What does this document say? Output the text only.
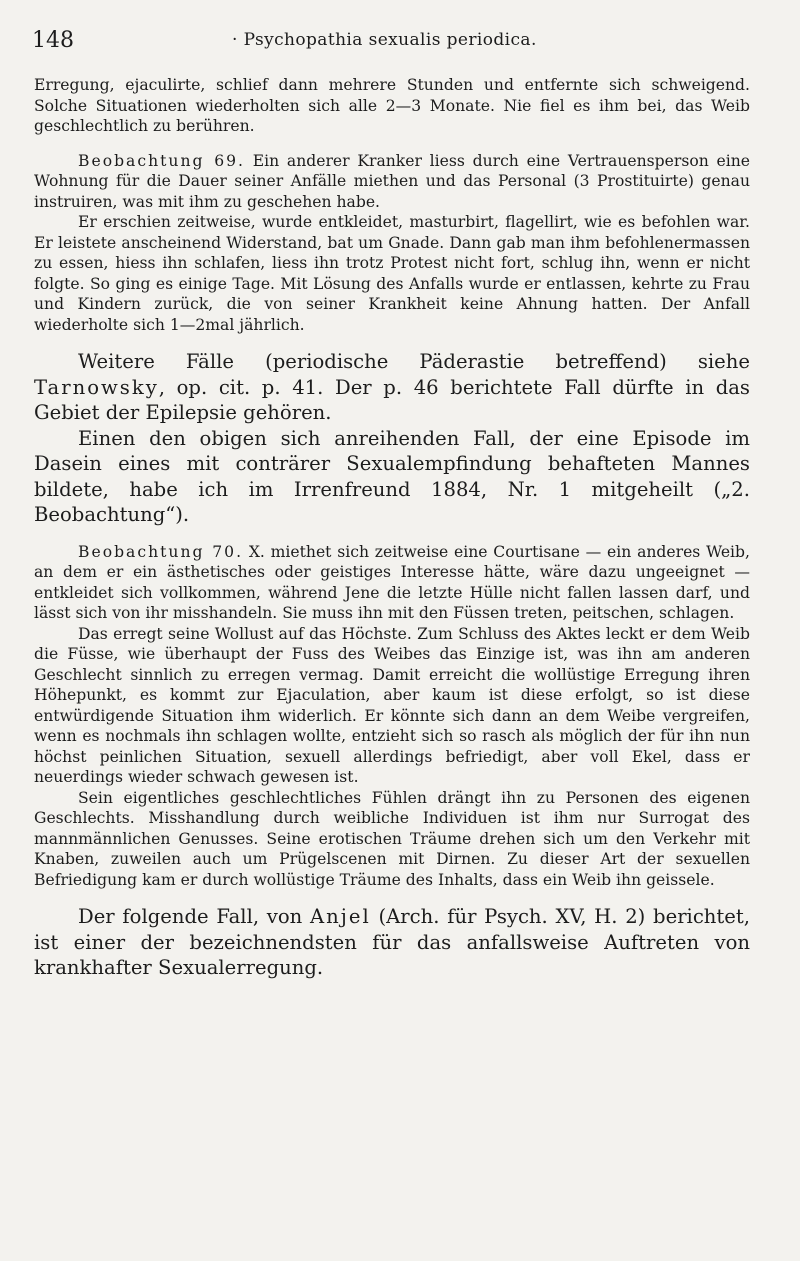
148	· Psychopathia sexualis periodica.

Erregung, ejaculirte, schlief dann mehrere Stunden und entfernte sich schweigend. Solche Situationen wiederholten sich alle 2—3 Monate. Nie fiel es ihm bei, das Weib geschlechtlich zu berühren.

Beobachtung 69. Ein anderer Kranker liess durch eine Vertrauensperson eine Wohnung für die Dauer seiner Anfälle miethen und das Personal (3 Prostituirte) genau instruiren, was mit ihm zu geschehen habe.

Er erschien zeitweise, wurde entkleidet, masturbirt, flagellirt, wie es befohlen war. Er leistete anscheinend Widerstand, bat um Gnade. Dann gab man ihm befohlenermassen zu essen, hiess ihn schlafen, liess ihn trotz Protest nicht fort, schlug ihn, wenn er nicht folgte. So ging es einige Tage. Mit Lösung des Anfalls wurde er entlassen, kehrte zu Frau und Kindern zurück, die von seiner Krankheit keine Ahnung hatten. Der Anfall wiederholte sich 1—2mal jährlich.

Weitere Fälle (periodische Päderastie betreffend) siehe Tarnowsky, op. cit. p. 41. Der p. 46 berichtete Fall dürfte in das Gebiet der Epilepsie gehören.

Einen den obigen sich anreihenden Fall, der eine Episode im Dasein eines mit conträrer Sexualempfindung behafteten Mannes bildete, habe ich im Irrenfreund 1884, Nr. 1 mitgeheilt („2. Beobachtung“).

Beobachtung 70. X. miethet sich zeitweise eine Courtisane — ein anderes Weib, an dem er ein ästhetisches oder geistiges Interesse hätte, wäre dazu ungeeignet — entkleidet sich vollkommen, während Jene die letzte Hülle nicht fallen lassen darf, und lässt sich von ihr misshandeln. Sie muss ihn mit den Füssen treten, peitschen, schlagen.

Das erregt seine Wollust auf das Höchste. Zum Schluss des Aktes leckt er dem Weib die Füsse, wie überhaupt der Fuss des Weibes das Einzige ist, was ihn am anderen Geschlecht sinnlich zu erregen vermag. Damit erreicht die wollüstige Erregung ihren Höhepunkt, es kommt zur Ejaculation, aber kaum ist diese erfolgt, so ist diese entwürdigende Situation ihm widerlich. Er könnte sich dann an dem Weibe vergreifen, wenn es nochmals ihn schlagen wollte, entzieht sich so rasch als möglich der für ihn nun höchst peinlichen Situation, sexuell allerdings befriedigt, aber voll Ekel, dass er neuerdings wieder schwach gewesen ist.

Sein eigentliches geschlechtliches Fühlen drängt ihn zu Personen des eigenen Geschlechts. Misshandlung durch weibliche Individuen ist ihm nur Surrogat des mannmännlichen Genusses. Seine erotischen Träume drehen sich um den Verkehr mit Knaben, zuweilen auch um Prügelscenen mit Dirnen. Zu dieser Art der sexuellen Befriedigung kam er durch wollüstige Träume des Inhalts, dass ein Weib ihn geissele.

Der folgende Fall, von Anjel (Arch. für Psych. XV, H. 2) berichtet, ist einer der bezeichnendsten für das anfallsweise Auftreten von krankhafter Sexualerregung.
